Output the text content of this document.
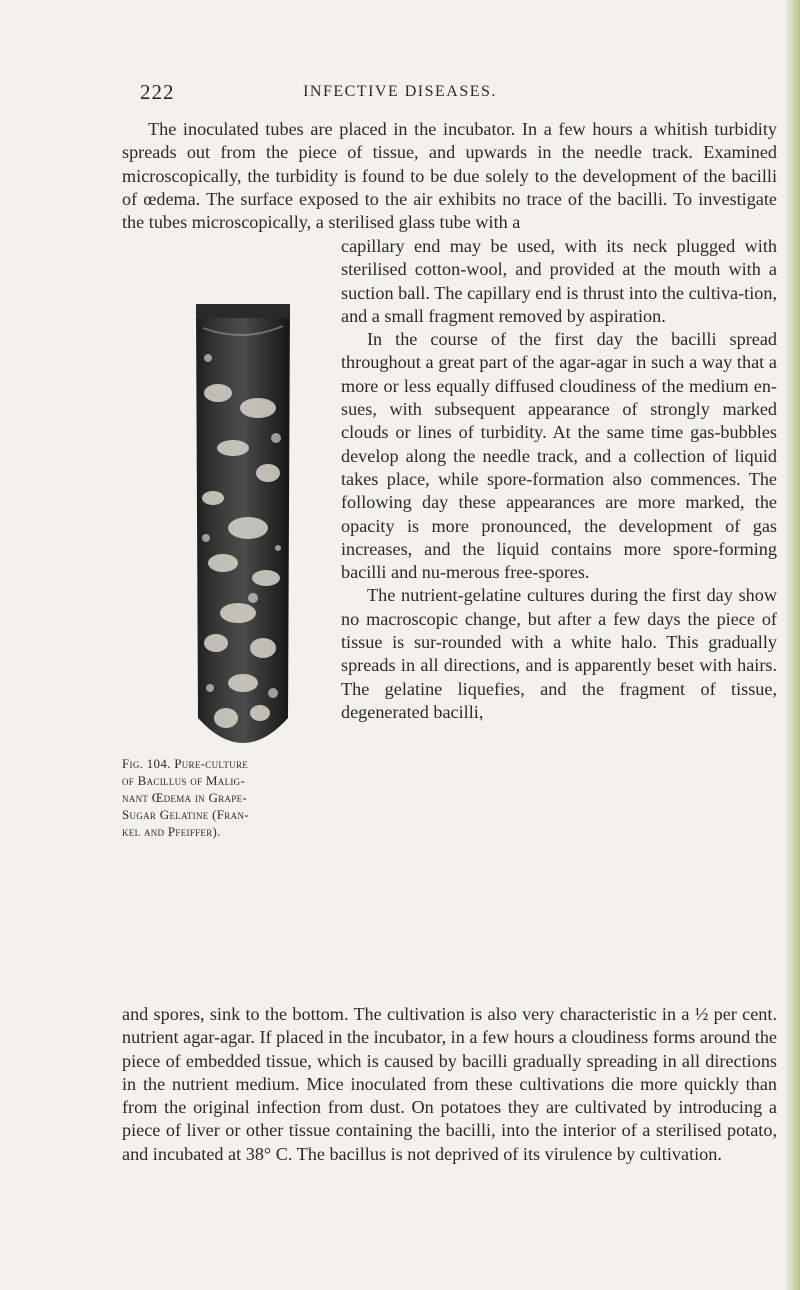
222	INFECTIVE DISEASES.

The inoculated tubes are placed in the incubator. In a few hours a whitish turbidity spreads out from the piece of tissue, and upwards in the needle track. Examined microscopically, the turbidity is found to be due solely to the development of the bacilli of œdema. The surface exposed to the air exhibits no trace of the bacilli. To investigate the tubes microscopically, a sterilised glass tube with a

Fig. 104. Pure-culture
of Bacillus of Malig-
nant Œdema in Grape-
Sugar Gelatine (Fran-
kel and Pfeiffer).

capillary end may be used, with its neck plugged with sterilised cotton-wool, and provided at the mouth with a suction ball. The capillary end is thrust into the cultiva-tion, and a small fragment removed by aspiration.

In the course of the first day the bacilli spread throughout a great part of the agar-agar in such a way that a more or less equally diffused cloudiness of the medium en-sues, with subsequent appearance of strongly marked clouds or lines of turbidity. At the same time gas-bubbles develop along the needle track, and a collection of liquid takes place, while spore-formation also commences. The following day these appearances are more marked, the opacity is more pronounced, the development of gas increases, and the liquid contains more spore-forming bacilli and nu-merous free-spores.

The nutrient-gelatine cultures during the first day show no macroscopic change, but after a few days the piece of tissue is sur-rounded with a white halo. This gradually spreads in all directions, and is apparently beset with hairs. The gelatine liquefies, and the fragment of tissue, degenerated bacilli,

and spores, sink to the bottom. The cultivation is also very characteristic in a ½ per cent. nutrient agar-agar. If placed in the incubator, in a few hours a cloudiness forms around the piece of embedded tissue, which is caused by bacilli gradually spreading in all directions in the nutrient medium. Mice inoculated from these cultivations die more quickly than from the original infection from dust. On potatoes they are cultivated by introducing a piece of liver or other tissue containing the bacilli, into the interior of a sterilised potato, and incubated at 38° C. The bacillus is not deprived of its virulence by cultivation.
